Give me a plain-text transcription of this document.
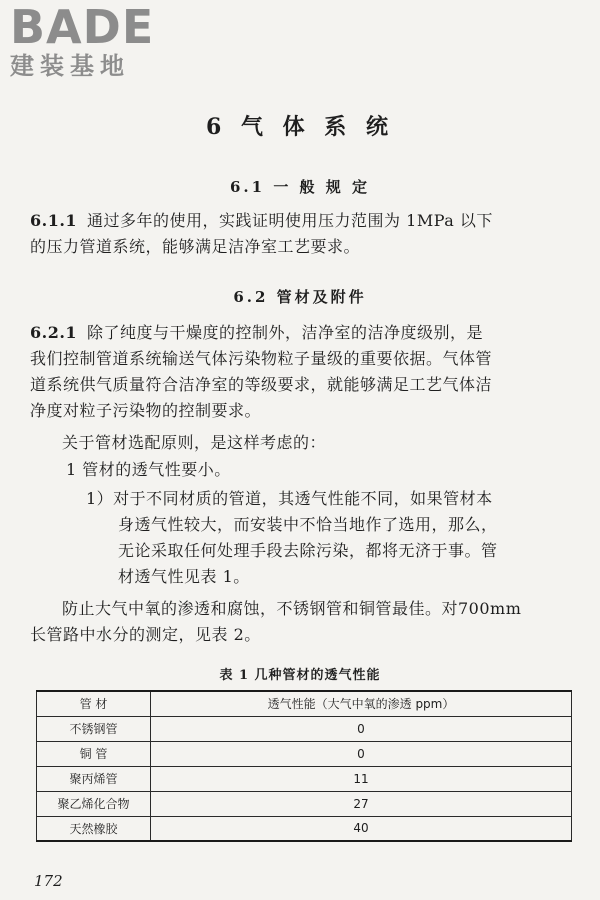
BADE
建装基地
6 气 体 系 统
6.1 一 般 规 定
6.1.1 通过多年的使用，实践证明使用压力范围为 1MPa 以下
的压力管道系统，能够满足洁净室工艺要求。
6.2 管材及附件
6.2.1 除了纯度与干燥度的控制外，洁净室的洁净度级别，是
我们控制管道系统输送气体污染物粒子量级的重要依据。气体管
道系统供气质量符合洁净室的等级要求，就能够满足工艺气体洁
净度对粒子污染物的控制要求。
关于管材选配原则，是这样考虑的：
1 管材的透气性要小。
1）对于不同材质的管道，其透气性能不同，如果管材本
身透气性较大，而安装中不恰当地作了选用，那么，
无论采取任何处理手段去除污染，都将无济于事。管
材透气性见表 1。
防止大气中氧的渗透和腐蚀，不锈钢管和铜管最佳。对700mm
长管路中水分的测定，见表 2。
表 1 几种管材的透气性能
管 材	透气性能（大气中氧的渗透 ppm）
不锈钢管	0
铜 管	0
聚丙烯管	11
聚乙烯化合物	27
天然橡胶	40
172
